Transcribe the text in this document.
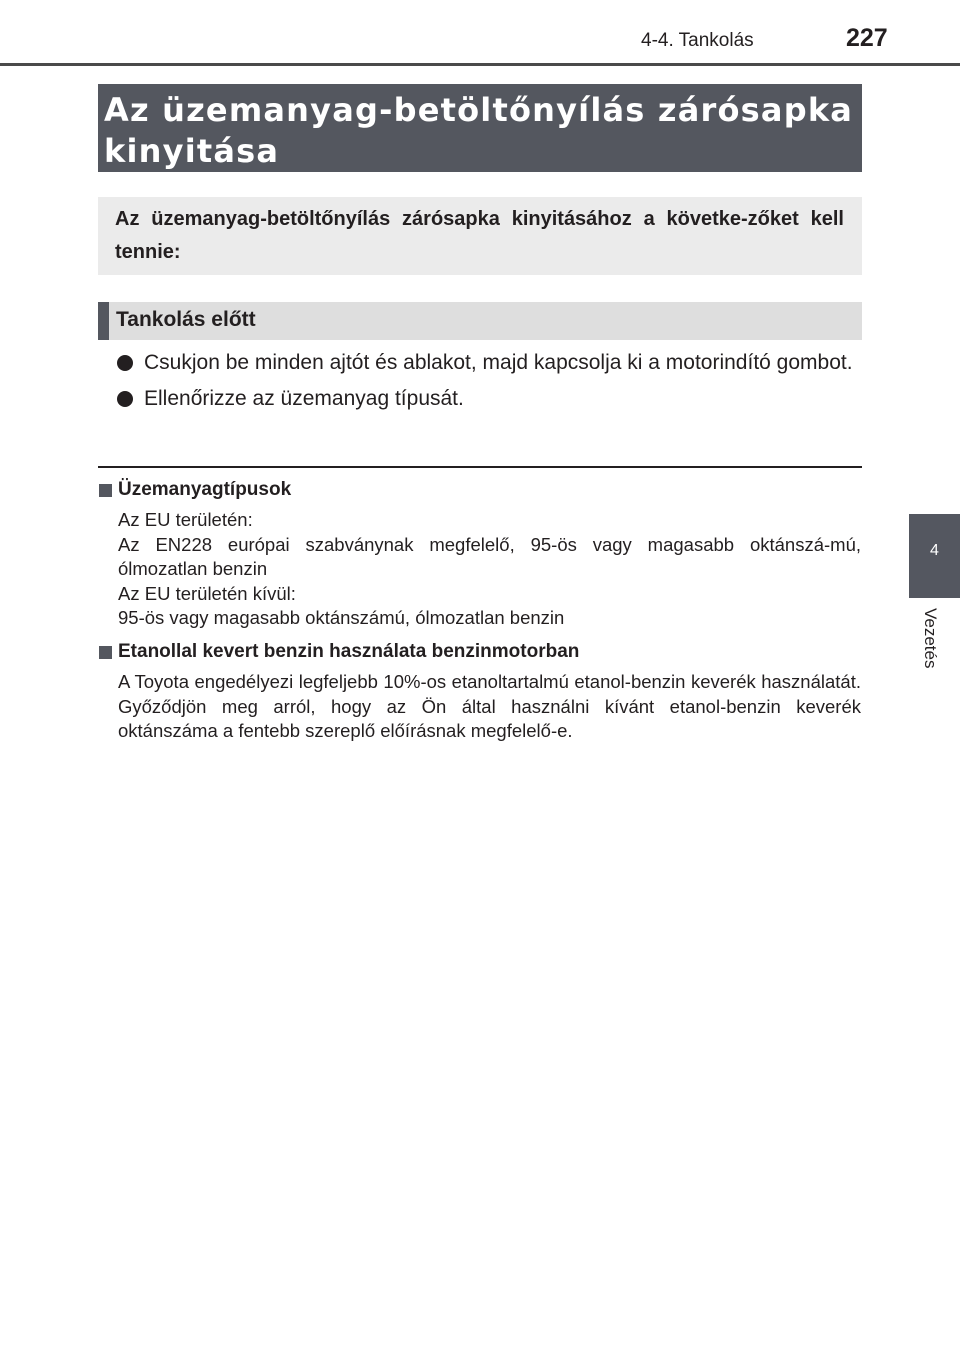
4-4. Tankolás	227
4
Vezetés
Az üzemanyag-betöltőnyílás zárósapka kinyitása

Az üzemanyag-betöltőnyílás zárósapka kinyitásához a követke-zőket kell tennie:

Tankolás előtt
Csukjon be minden ajtót és ablakot, majd kapcsolja ki a motorindító gombot.
Ellenőrizze az üzemanyag típusát.

Üzemanyagtípusok

Az EU területén:
Az EN228 európai szabványnak megfelelő, 95-ös vagy magasabb oktánszá-mú, ólmozatlan benzin
Az EU területén kívül:
95-ös vagy magasabb oktánszámú, ólmozatlan benzin

Etanollal kevert benzin használata benzinmotorban

A Toyota engedélyezi legfeljebb 10%-os etanoltartalmú etanol-benzin keverék használatát. Győződjön meg arról, hogy az Ön által használni kívánt etanol-benzin keverék oktánszáma a fentebb szereplő előírásnak megfelelő-e.
